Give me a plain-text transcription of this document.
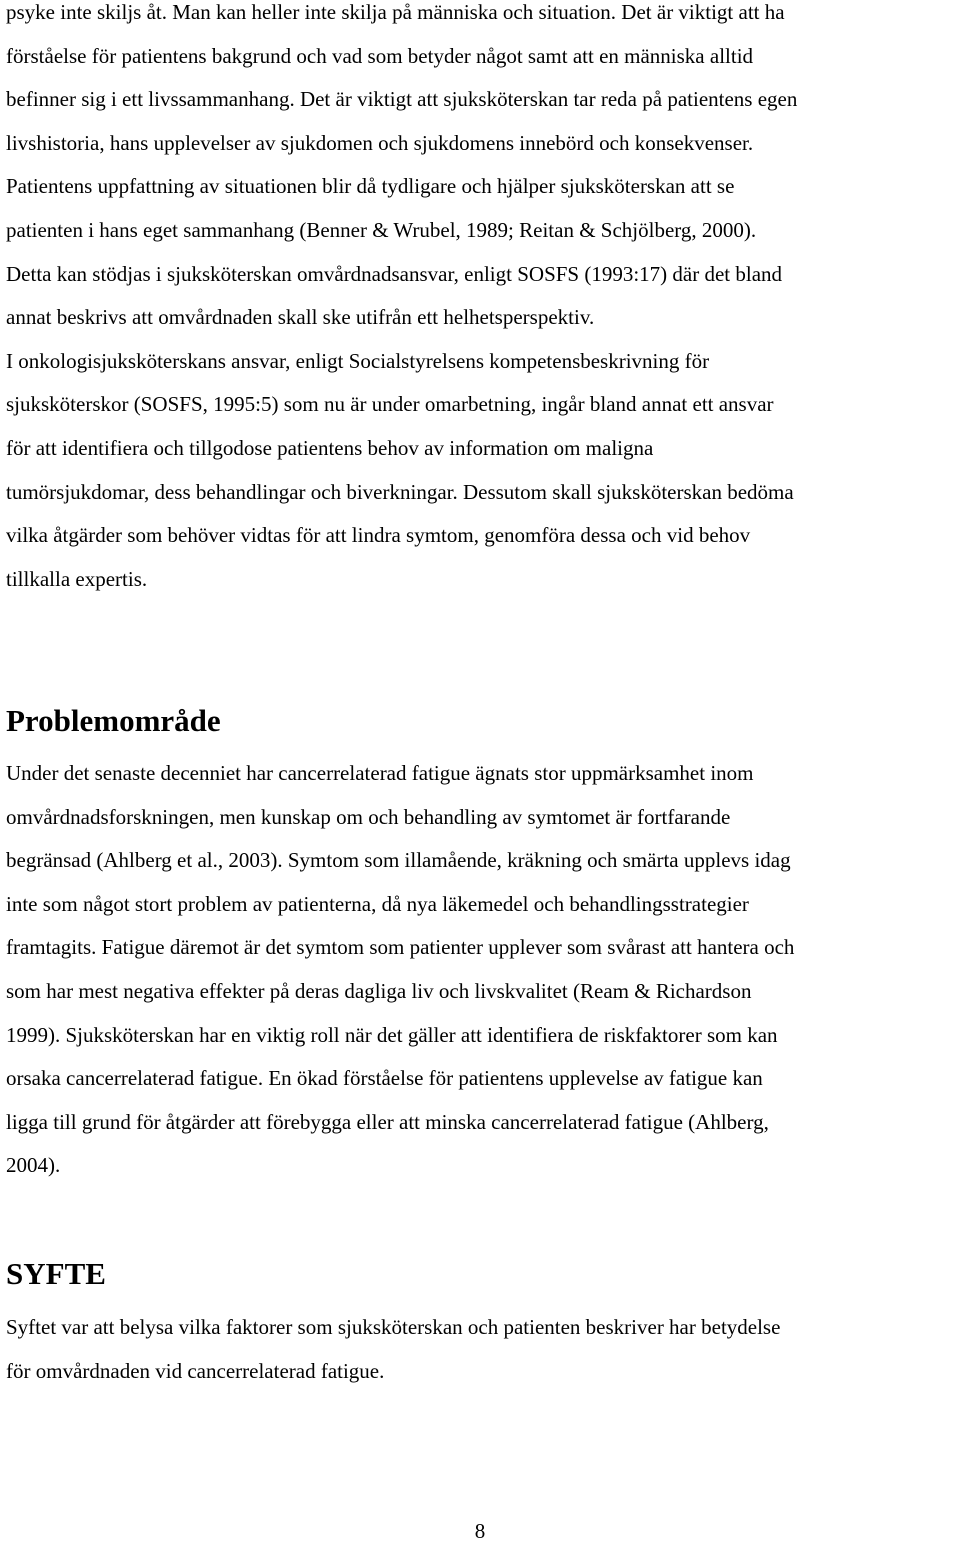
psyke inte skiljs åt. Man kan heller inte skilja på människa och situation. Det är viktigt att ha
förståelse för patientens bakgrund och vad som betyder något samt att en människa alltid
befinner sig i ett livssammanhang. Det är viktigt att sjuksköterskan tar reda på patientens egen
livshistoria, hans upplevelser av sjukdomen och sjukdomens innebörd och konsekvenser.
Patientens uppfattning av situationen blir då tydligare och hjälper sjuksköterskan att se
patienten i hans eget sammanhang (Benner & Wrubel, 1989; Reitan & Schjölberg, 2000).
Detta kan stödjas i sjuksköterskan omvårdnadsansvar, enligt SOSFS (1993:17) där det bland
annat beskrivs att omvårdnaden skall ske utifrån ett helhetsperspektiv.
I onkologisjuksköterskans ansvar, enligt Socialstyrelsens kompetensbeskrivning för
sjuksköterskor (SOSFS, 1995:5) som nu är under omarbetning, ingår bland annat ett ansvar
för att identifiera och tillgodose patientens behov av information om maligna
tumörsjukdomar, dess behandlingar och biverkningar. Dessutom skall sjuksköterskan bedöma
vilka åtgärder som behöver vidtas för att lindra symtom, genomföra dessa och vid behov
tillkalla expertis.
Problemområde
Under det senaste decenniet har cancerrelaterad fatigue ägnats stor uppmärksamhet inom
omvårdnadsforskningen, men kunskap om och behandling av symtomet är fortfarande
begränsad (Ahlberg et al., 2003). Symtom som illamående, kräkning och smärta upplevs idag
inte som något stort problem av patienterna, då nya läkemedel och behandlingsstrategier
framtagits. Fatigue däremot är det symtom som patienter upplever som svårast att hantera och
som har mest negativa effekter på deras dagliga liv och livskvalitet (Ream & Richardson
1999). Sjuksköterskan har en viktig roll när det gäller att identifiera de riskfaktorer som kan
orsaka cancerrelaterad fatigue. En ökad förståelse för patientens upplevelse av fatigue kan
ligga till grund för åtgärder att förebygga eller att minska cancerrelaterad fatigue (Ahlberg,
2004).
SYFTE
Syftet var att belysa vilka faktorer som sjuksköterskan och patienten beskriver har betydelse
för omvårdnaden vid cancerrelaterad fatigue.
8
